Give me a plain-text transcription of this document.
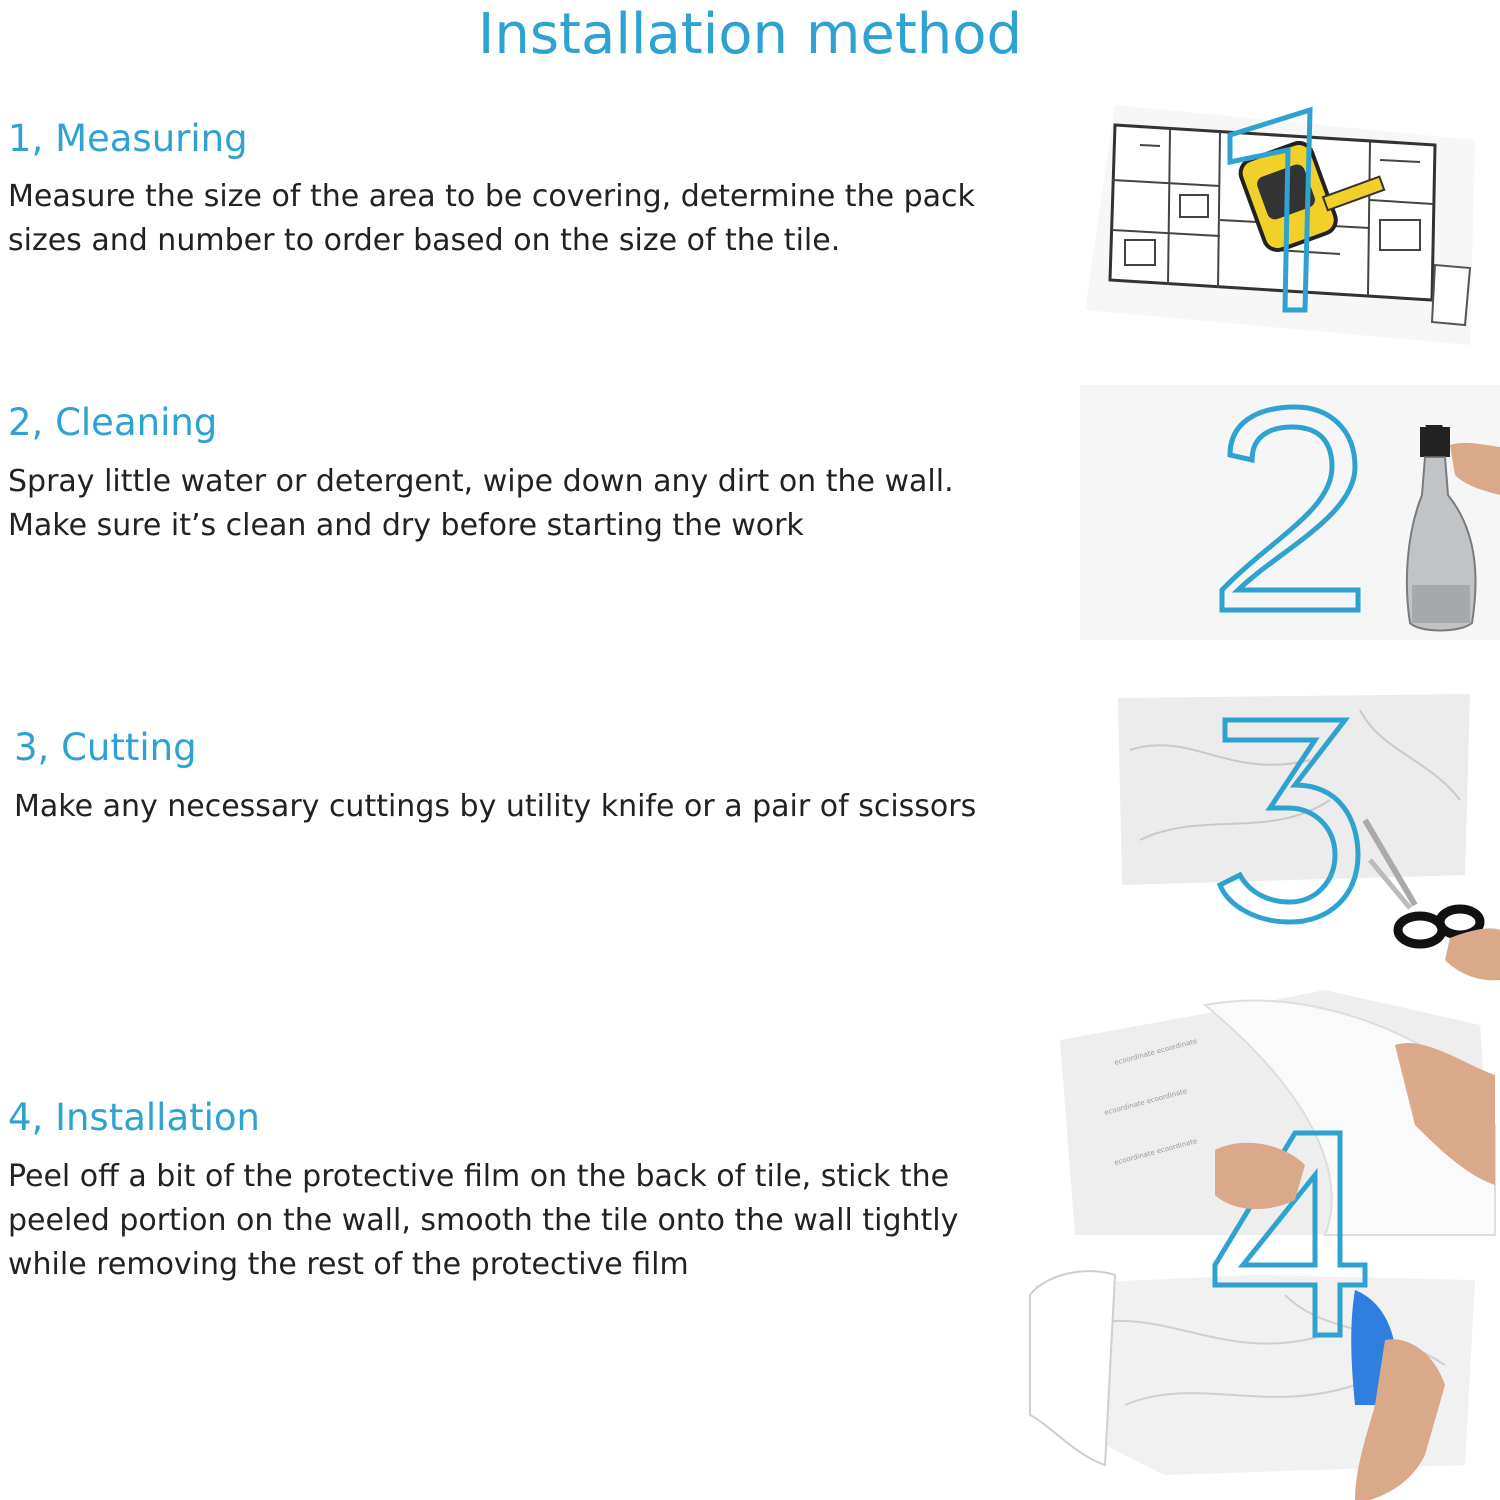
Installation method
1, Measuring
Measure the size of the area to be covering, determine the pack
sizes and number to order based on the size of the tile.
2, Cleaning
Spray little water or detergent, wipe down any dirt on the wall.
Make sure it’s clean and dry before starting the work
3, Cutting
Make any necessary cuttings by utility knife or a pair of scissors
4, Installation
Peel off a bit of the protective film on the back of tile, stick the
peeled portion on the wall, smooth the tile onto the wall tightly
while removing the rest of the protective film
ecoordinate ecoordinate
ecoordinate ecoordinate
ecoordinate ecoordinate
